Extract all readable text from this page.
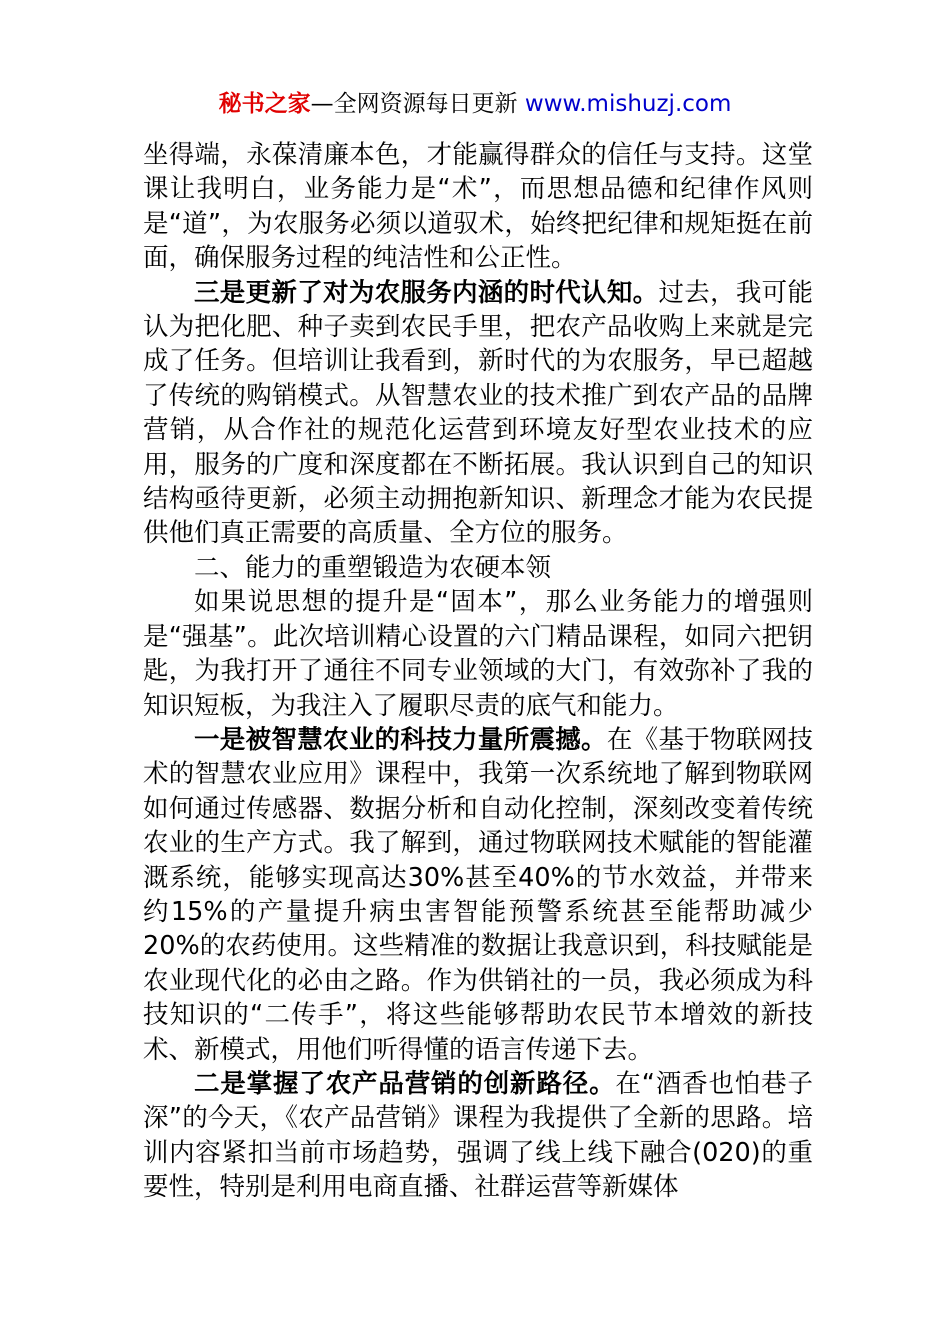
秘书之家—全网资源每日更新 www.mishuzj.com

坐得端，永葆清廉本色，才能赢得群众的信任与支持。这堂课让我明白，业务能力是“术”，而思想品德和纪律作风则是“道”，为农服务必须以道驭术，始终把纪律和规矩挺在前面，确保服务过程的纯洁性和公正性。

三是更新了对为农服务内涵的时代认知。过去，我可能认为把化肥、种子卖到农民手里，把农产品收购上来就是完成了任务。但培训让我看到，新时代的为农服务，早已超越了传统的购销模式。从智慧农业的技术推广到农产品的品牌营销，从合作社的规范化运营到环境友好型农业技术的应用，服务的广度和深度都在不断拓展。我认识到自己的知识结构亟待更新，必须主动拥抱新知识、新理念才能为农民提供他们真正需要的高质量、全方位的服务。

二、能力的重塑锻造为农硬本领

如果说思想的提升是“固本”，那么业务能力的增强则是“强基”。此次培训精心设置的六门精品课程，如同六把钥匙，为我打开了通往不同专业领域的大门，有效弥补了我的知识短板，为我注入了履职尽责的底气和能力。

一是被智慧农业的科技力量所震撼。在《基于物联网技术的智慧农业应用》课程中，我第一次系统地了解到物联网如何通过传感器、数据分析和自动化控制，深刻改变着传统农业的生产方式。我了解到，通过物联网技术赋能的智能灌溉系统，能够实现高达30%甚至40%的节水效益，并带来约15%的产量提升病虫害智能预警系统甚至能帮助减少20%的农药使用。这些精准的数据让我意识到，科技赋能是农业现代化的必由之路。作为供销社的一员，我必须成为科技知识的“二传手”，将这些能够帮助农民节本增效的新技术、新模式，用他们听得懂的语言传递下去。

二是掌握了农产品营销的创新路径。在“酒香也怕巷子深”的今天，《农产品营销》课程为我提供了全新的思路。培训内容紧扣当前市场趋势，强调了线上线下融合(020)的重要性，特别是利用电商直播、社群运营等新媒体
